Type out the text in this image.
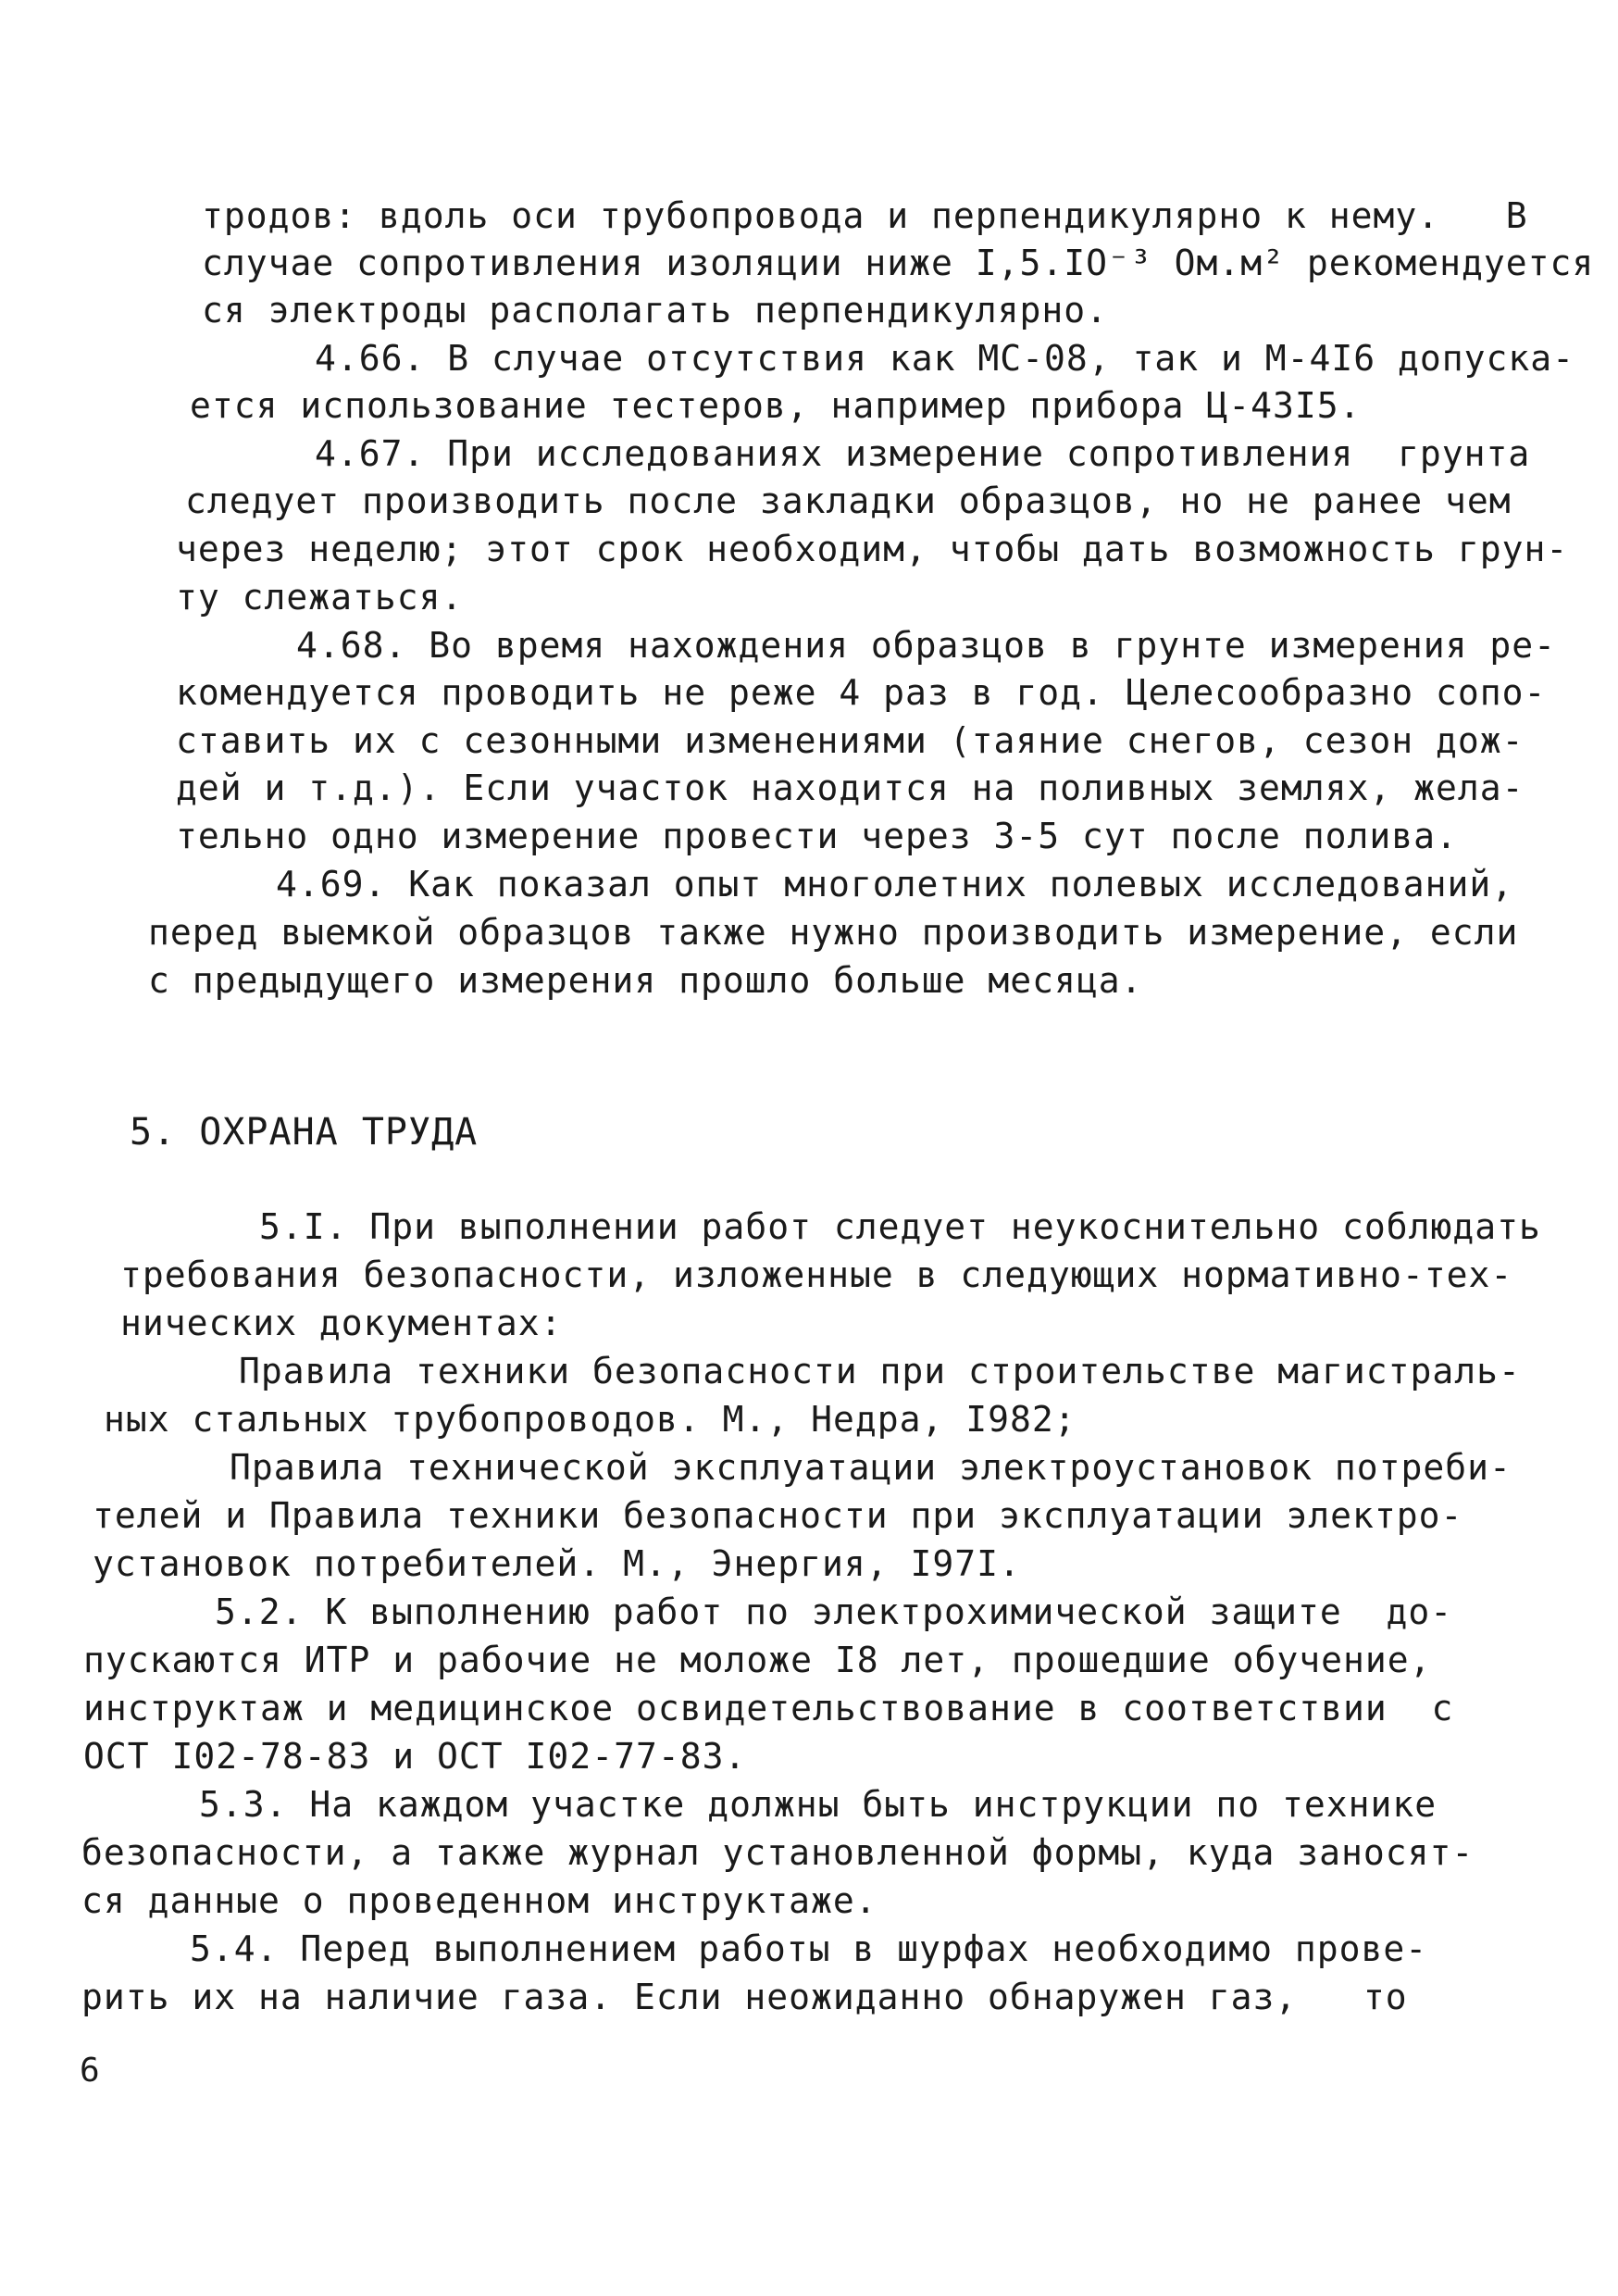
тродов: вдоль оси трубопровода и перпендикулярно к нему.   В
случае сопротивления изоляции ниже I,5.IO⁻³ Ом.м² рекомендуется
ся электроды располагать перпендикулярно.
4.66. В случае отсутствия как МС-08, так и М-4I6 допуска-
ется использование тестеров, например прибора Ц-43I5.
4.67. При исследованиях измерение сопротивления  грунта
следует производить после закладки образцов, но не ранее чем
через неделю; этот срок необходим, чтобы дать возможность грун-
ту слежаться.
4.68. Во время нахождения образцов в грунте измерения ре-
комендуется проводить не реже 4 раз в год. Целесообразно сопо-
ставить их с сезонными изменениями (таяние снегов, сезон дож-
дей и т.д.). Если участок находится на поливных землях, жела-
тельно одно измерение провести через 3-5 сут после полива.
4.69. Как показал опыт многолетних полевых исследований,
перед выемкой образцов также нужно производить измерение, если
с предыдущего измерения прошло больше месяца.
5. ОХРАНА ТРУДА
5.I. При выполнении работ следует неукоснительно соблюдать
требования безопасности, изложенные в следующих нормативно-тех-
нических документах:
Правила техники безопасности при строительстве магистраль-
ных стальных трубопроводов. М., Недра, I982;
Правила технической эксплуатации электроустановок потреби-
телей и Правила техники безопасности при эксплуатации электро-
установок потребителей. М., Энергия, I97I.
5.2. К выполнению работ по электрохимической защите  до-
пускаются ИТР и рабочие не моложе I8 лет, прошедшие обучение,
инструктаж и медицинское освидетельствование в соответствии  с
ОСТ I02-78-83 и ОСТ I02-77-83.
5.3. На каждом участке должны быть инструкции по технике
безопасности, а также журнал установленной формы, куда заносят-
ся данные о проведенном инструктаже.
5.4. Перед выполнением работы в шурфах необходимо прове-
рить их на наличие газа. Если неожиданно обнаружен газ,   то
6
